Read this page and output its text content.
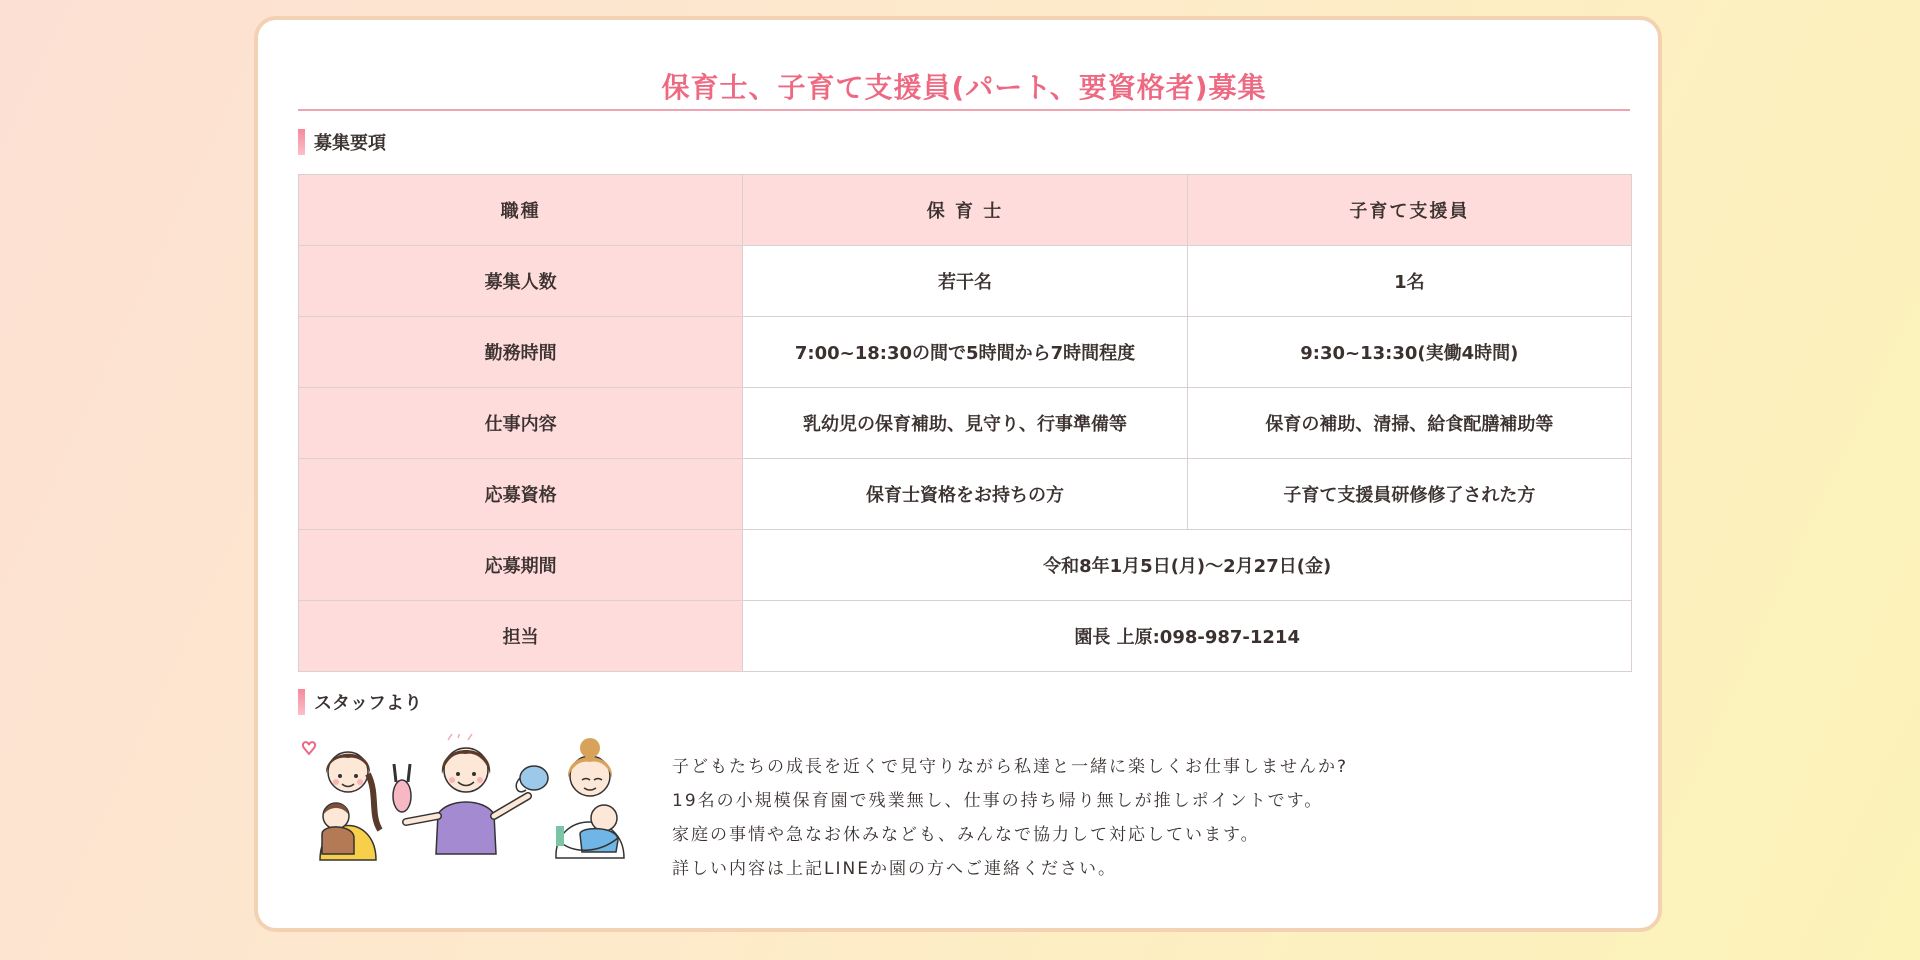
保育士、子育て支援員(パート、要資格者)募集
募集要項
職種	保 育 士	子育て支援員
募集人数	若干名	1名
勤務時間	7:00~18:30の間で5時間から7時間程度	9:30~13:30(実働4時間)
仕事内容	乳幼児の保育補助、見守り、行事準備等	保育の補助、清掃、給食配膳補助等
応募資格	保育士資格をお持ちの方	子育て支援員研修修了された方
応募期間	令和8年1月5日(月)〜2月27日(金)	
担当	園長 上原:098-987-1214	
スタッフより

子どもたちの成長を近くで見守りながら私達と一緒に楽しくお仕事しませんか?

19名の小規模保育園で残業無し、仕事の持ち帰り無しが推しポイントです。

家庭の事情や急なお休みなども、みんなで協力して対応しています。

詳しい内容は上記LINEか園の方へご連絡ください。
